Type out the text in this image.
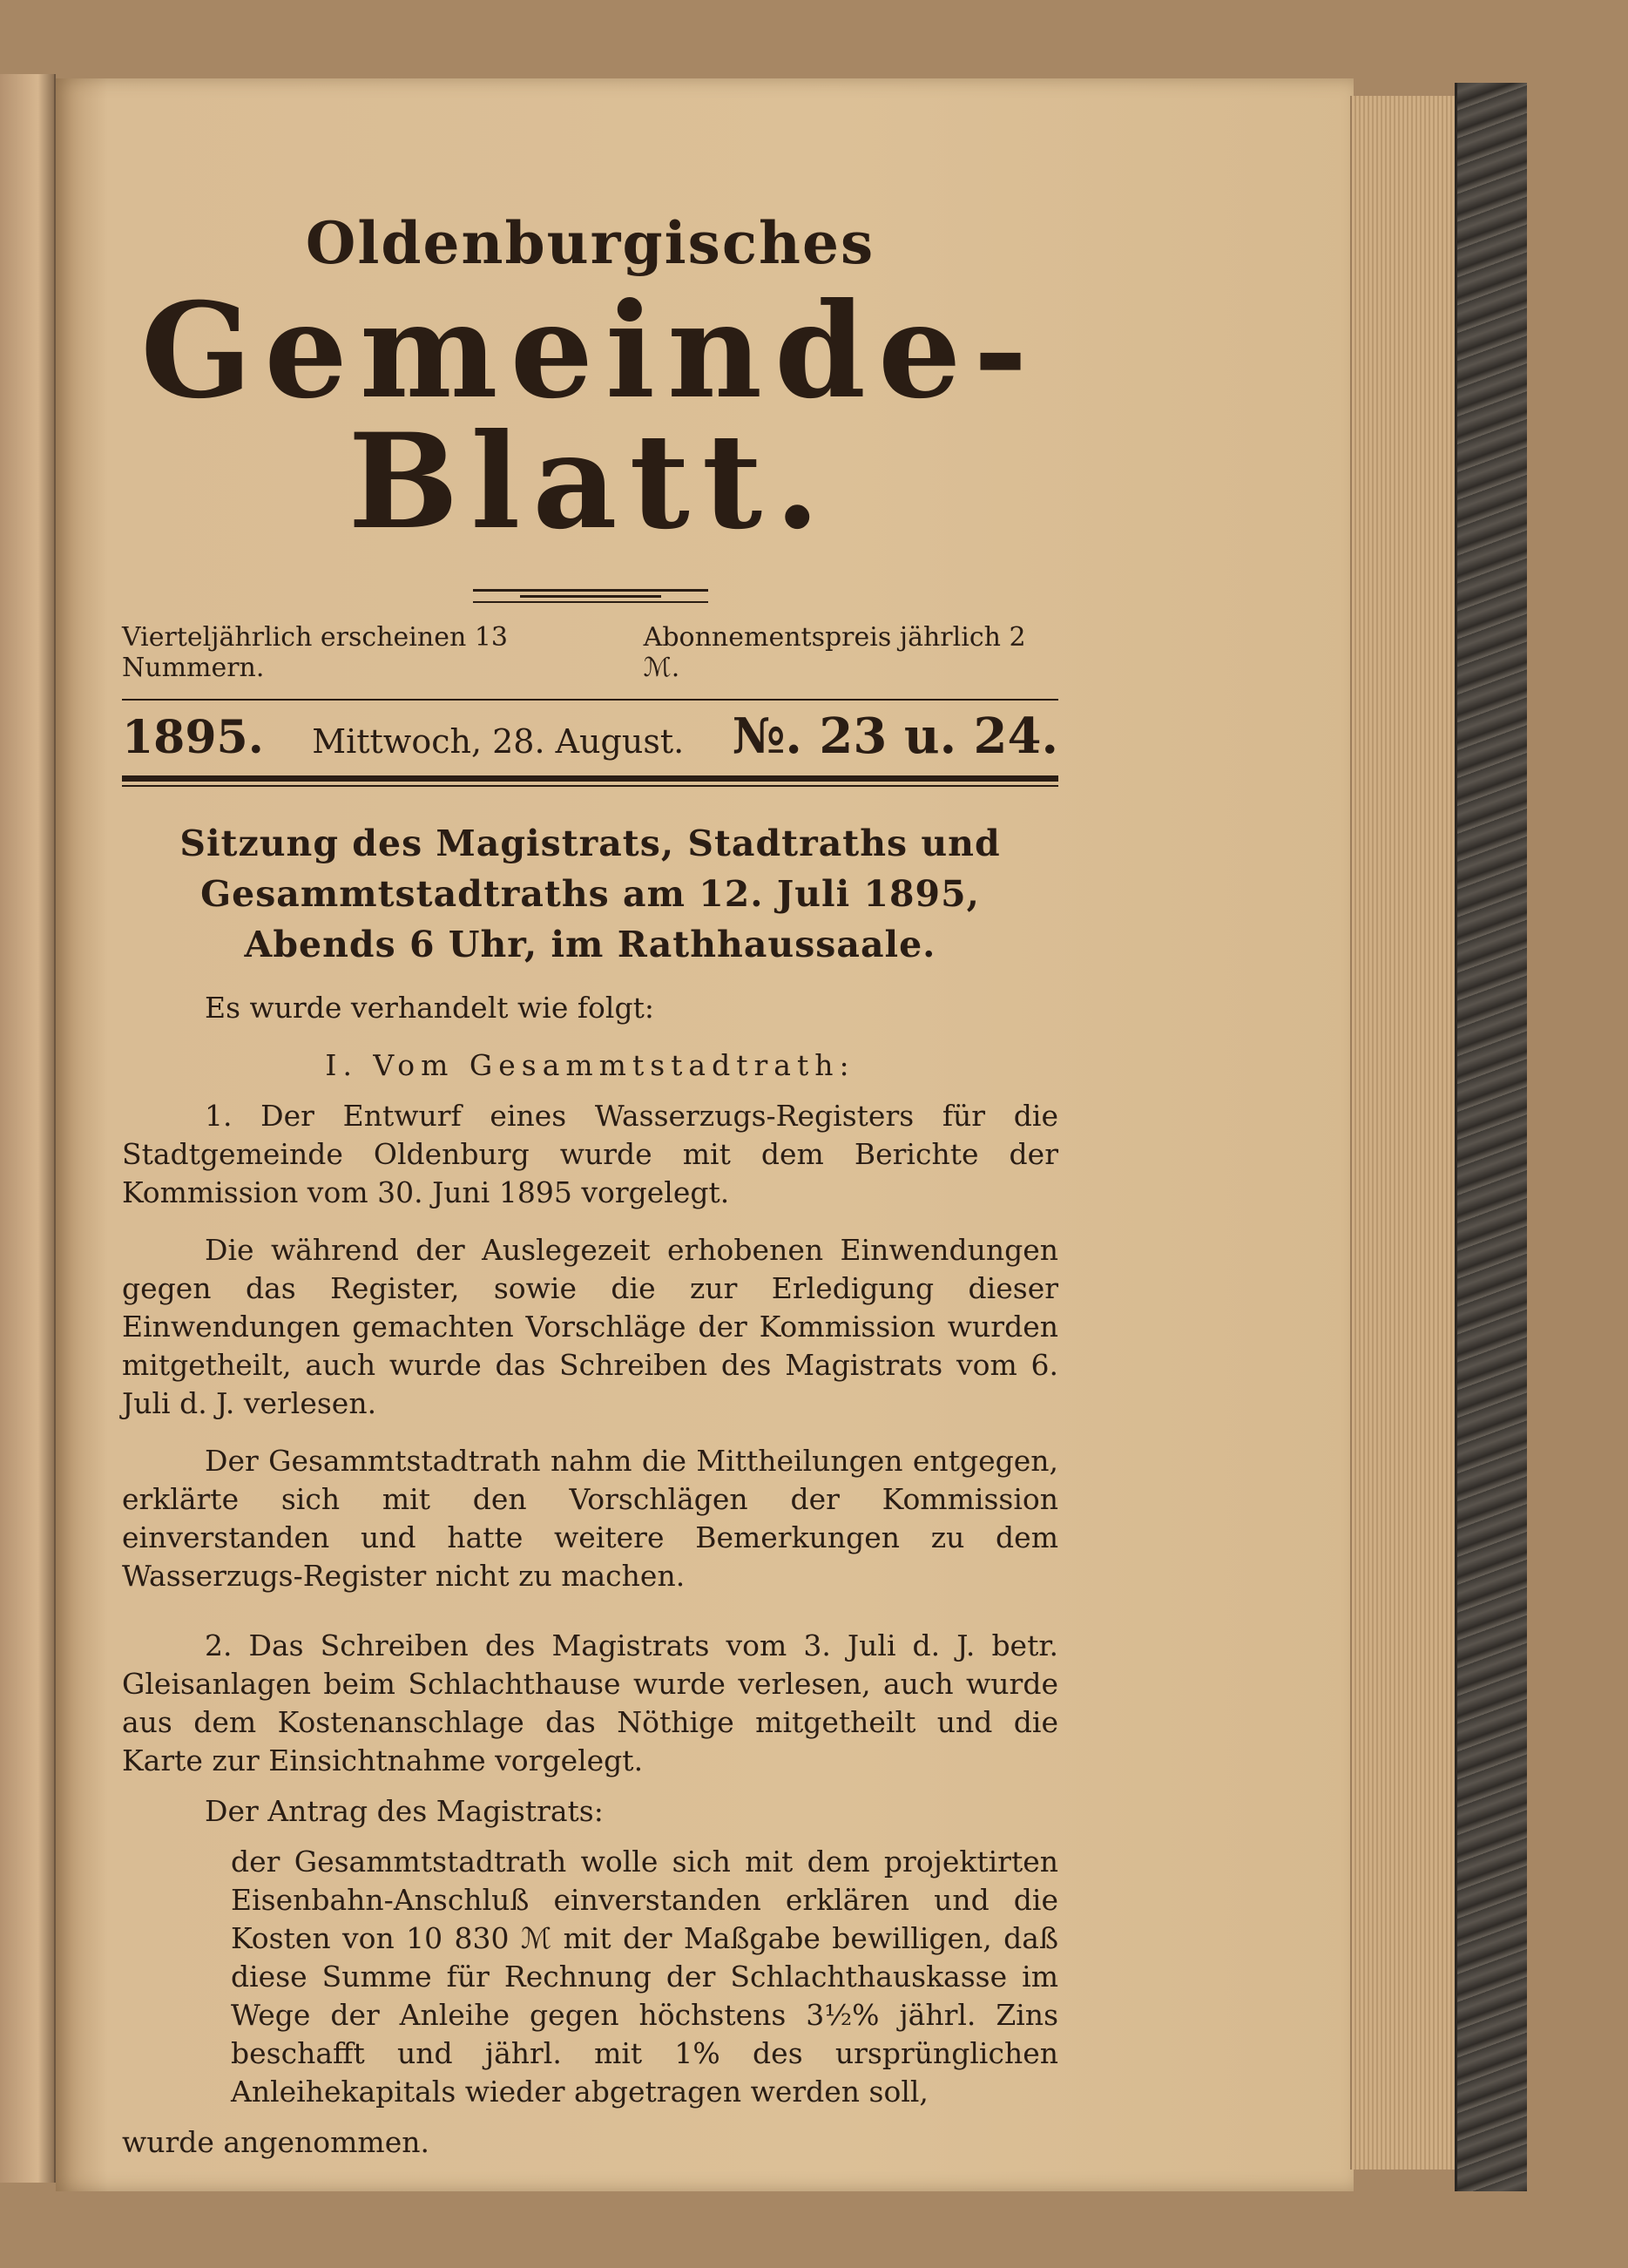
Oldenburgisches
Gemeinde-Blatt.
Vierteljährlich erscheinen 13 Nummern.
Abonnementspreis jährlich 2 ℳ.
1895. Mittwoch, 28. August. №. 23 u. 24.
Sitzung des Magistrats, Stadtraths und Gesammtstadtraths am 12. Juli 1895, Abends 6 Uhr, im Rathhaussaale.

Es wurde verhandelt wie folgt:

I. Vom Gesammtstadtrath:

1. Der Entwurf eines Wasserzugs-Registers für die Stadtgemeinde Oldenburg wurde mit dem Berichte der Kommission vom 30. Juni 1895 vorgelegt.

Die während der Auslegezeit erhobenen Einwendungen gegen das Register, sowie die zur Erledigung dieser Einwendungen gemachten Vorschläge der Kommission wurden mitgetheilt, auch wurde das Schreiben des Magistrats vom 6. Juli d. J. verlesen.

Der Gesammtstadtrath nahm die Mittheilungen entgegen, erklärte sich mit den Vorschlägen der Kommission einverstanden und hatte weitere Bemerkungen zu dem Wasserzugs-Register nicht zu machen.

2. Das Schreiben des Magistrats vom 3. Juli d. J. betr. Gleisanlagen beim Schlachthause wurde verlesen, auch wurde aus dem Kostenanschlage das Nöthige mitgetheilt und die Karte zur Einsichtnahme vorgelegt.

Der Antrag des Magistrats:

der Gesammtstadtrath wolle sich mit dem projektirten Eisenbahn-Anschluß einverstanden erklären und die Kosten von 10 830 ℳ mit der Maßgabe bewilligen, daß diese Summe für Rechnung der Schlachthauskasse im Wege der Anleihe gegen höchstens 3½% jährl. Zins beschafft und jährl. mit 1% des ursprünglichen Anleihekapitals wieder abgetragen werden soll,

wurde angenommen.
